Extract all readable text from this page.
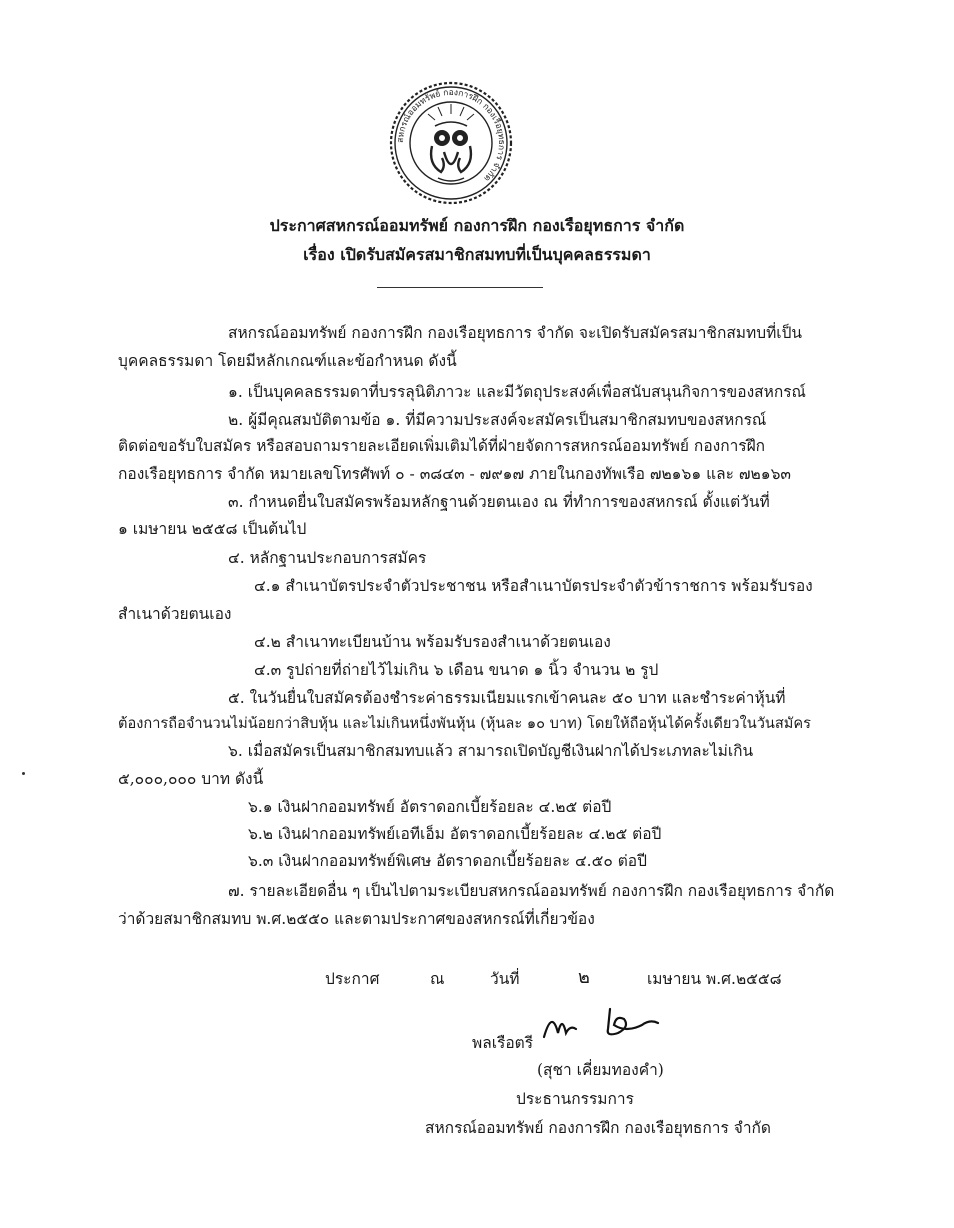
สหกรณ์ออมทรัพย์ กองการฝึก กองเรือยุทธการ จำกัด
ประกาศสหกรณ์ออมทรัพย์ กองการฝึก กองเรือยุทธการ จำกัด
เรื่อง เปิดรับสมัครสมาชิกสมทบที่เป็นบุคคลธรรมดา
สหกรณ์ออมทรัพย์ กองการฝึก กองเรือยุทธการ จำกัด จะเปิดรับสมัครสมาชิกสมทบที่เป็น
บุคคลธรรมดา โดยมีหลักเกณฑ์และข้อกำหนด ดังนี้
๑. เป็นบุคคลธรรมดาที่บรรลุนิติภาวะ และมีวัตถุประสงค์เพื่อสนับสนุนกิจการของสหกรณ์
๒. ผู้มีคุณสมบัติตามข้อ ๑. ที่มีความประสงค์จะสมัครเป็นสมาชิกสมทบของสหกรณ์
ติดต่อขอรับใบสมัคร หรือสอบถามรายละเอียดเพิ่มเติมได้ที่ฝ่ายจัดการสหกรณ์ออมทรัพย์ กองการฝึก
กองเรือยุทธการ จำกัด หมายเลขโทรศัพท์ ๐ - ๓๘๔๓ - ๗๙๑๗ ภายในกองทัพเรือ ๗๒๑๖๑ และ ๗๒๑๖๓
๓. กำหนดยื่นใบสมัครพร้อมหลักฐานด้วยตนเอง ณ ที่ทำการของสหกรณ์ ตั้งแต่วันที่
๑ เมษายน ๒๕๕๘ เป็นต้นไป
๔. หลักฐานประกอบการสมัคร
๔.๑ สำเนาบัตรประจำตัวประชาชน หรือสำเนาบัตรประจำตัวข้าราชการ พร้อมรับรอง
สำเนาด้วยตนเอง
๔.๒ สำเนาทะเบียนบ้าน พร้อมรับรองสำเนาด้วยตนเอง
๔.๓ รูปถ่ายที่ถ่ายไว้ไม่เกิน ๖ เดือน ขนาด ๑ นิ้ว จำนวน ๒ รูป
๕. ในวันยื่นใบสมัครต้องชำระค่าธรรมเนียมแรกเข้าคนละ ๕๐ บาท และชำระค่าหุ้นที่
ต้องการถือจำนวนไม่น้อยกว่าสิบหุ้น และไม่เกินหนึ่งพันหุ้น (หุ้นละ ๑๐ บาท) โดยให้ถือหุ้นได้ครั้งเดียวในวันสมัคร
๖. เมื่อสมัครเป็นสมาชิกสมทบแล้ว สามารถเปิดบัญชีเงินฝากได้ประเภทละไม่เกิน
๕,๐๐๐,๐๐๐ บาท ดังนี้
๖.๑ เงินฝากออมทรัพย์ อัตราดอกเบี้ยร้อยละ ๔.๒๕ ต่อปี
๖.๒ เงินฝากออมทรัพย์เอทีเอ็ม อัตราดอกเบี้ยร้อยละ ๔.๒๕ ต่อปี
๖.๓ เงินฝากออมทรัพย์พิเศษ อัตราดอกเบี้ยร้อยละ ๔.๕๐ ต่อปี
๗. รายละเอียดอื่น ๆ เป็นไปตามระเบียบสหกรณ์ออมทรัพย์ กองการฝึก กองเรือยุทธการ จำกัด
ว่าด้วยสมาชิกสมทบ พ.ศ.๒๕๕๐ และตามประกาศของสหกรณ์ที่เกี่ยวข้อง
ประกาศ	ณ	วันที่	๒	เมษายน พ.ศ.๒๕๕๘
พลเรือตรี
(สุชา เคี่ยมทองคำ)
ประธานกรรมการ
สหกรณ์ออมทรัพย์ กองการฝึก กองเรือยุทธการ จำกัด
